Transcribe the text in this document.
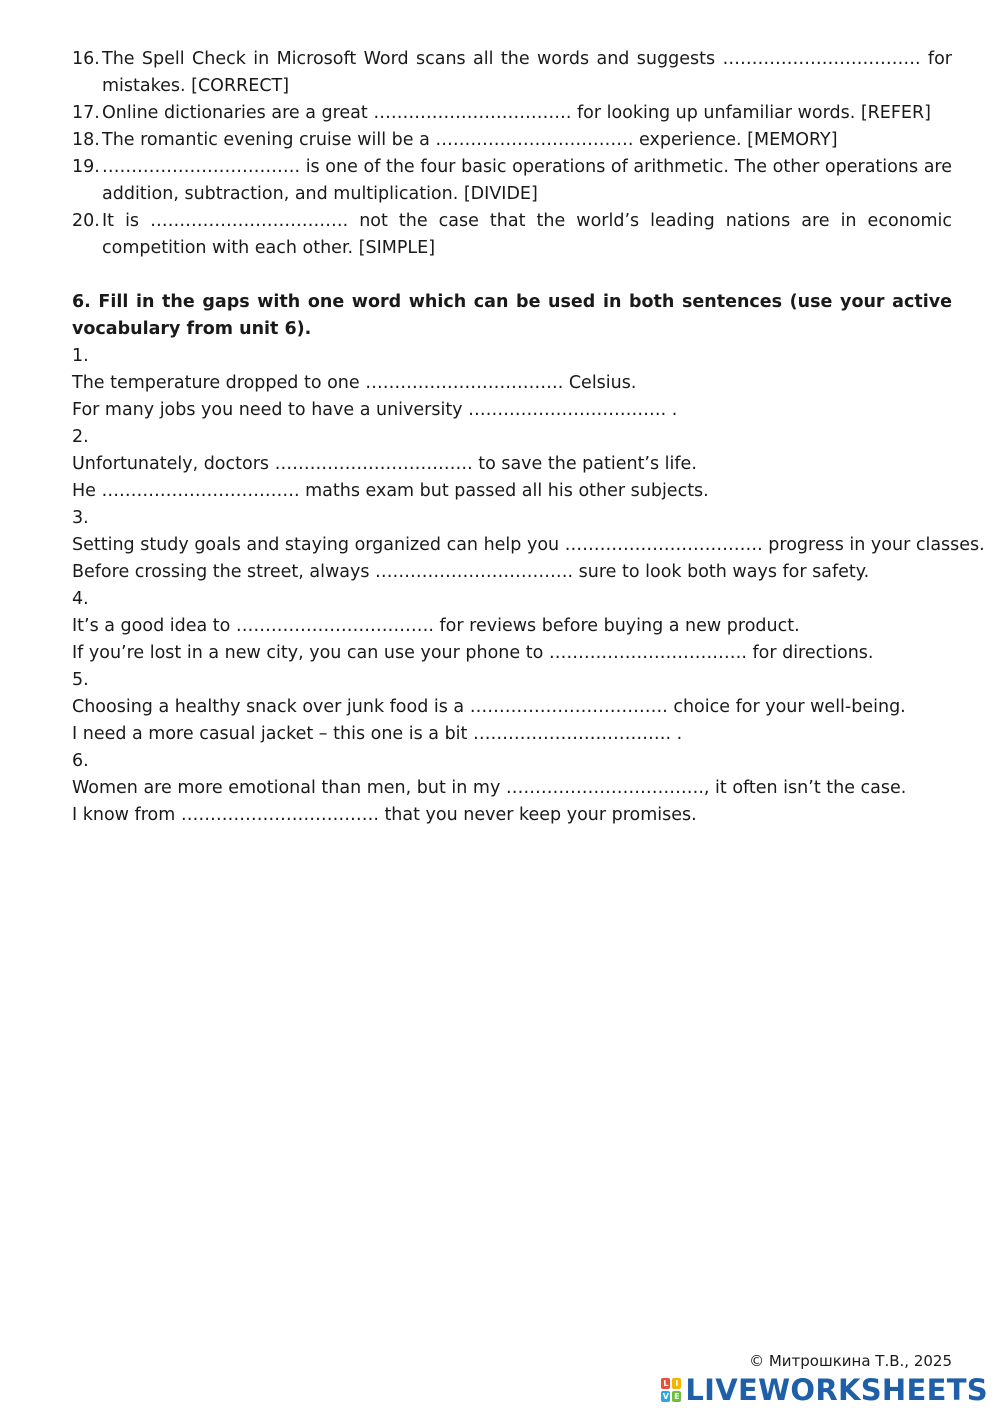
16. The Spell Check in Microsoft Word scans all the words and suggests ……………………………. for mistakes. [CORRECT]
17. Online dictionaries are a great ……………………………. for looking up unfamiliar words. [REFER]
18. The romantic evening cruise will be a ……………………………. experience. [MEMORY]
19. ……………………………. is one of the four basic operations of arithmetic. The other operations are addition, subtraction, and multiplication. [DIVIDE]
20. It is ……………………………. not the case that the world’s leading nations are in economic competition with each other. [SIMPLE]
6. Fill in the gaps with one word which can be used in both sentences (use your active vocabulary from unit 6).
1.
The temperature dropped to one ……………………………. Celsius.
For many jobs you need to have a university ……………………………. .
2.
Unfortunately, doctors ……………………………. to save the patient’s life.
He ……………………………. maths exam but passed all his other subjects.
3.
Setting study goals and staying organized can help you ……………………………. progress in your classes.
Before crossing the street, always ……………………………. sure to look both ways for safety.
4.
It’s a good idea to ……………………………. for reviews before buying a new product.
If you’re lost in a new city, you can use your phone to ……………………………. for directions.
5.
Choosing a healthy snack over junk food is a ……………………………. choice for your well-being.
I need a more casual jacket – this one is a bit ……………………………. .
6.
Women are more emotional than men, but in my ……………………………., it often isn’t the case.
I know from ……………………………. that you never keep your promises.
© Митрошкина Т.В., 2025
L I
V E LIVEWORKSHEETS
